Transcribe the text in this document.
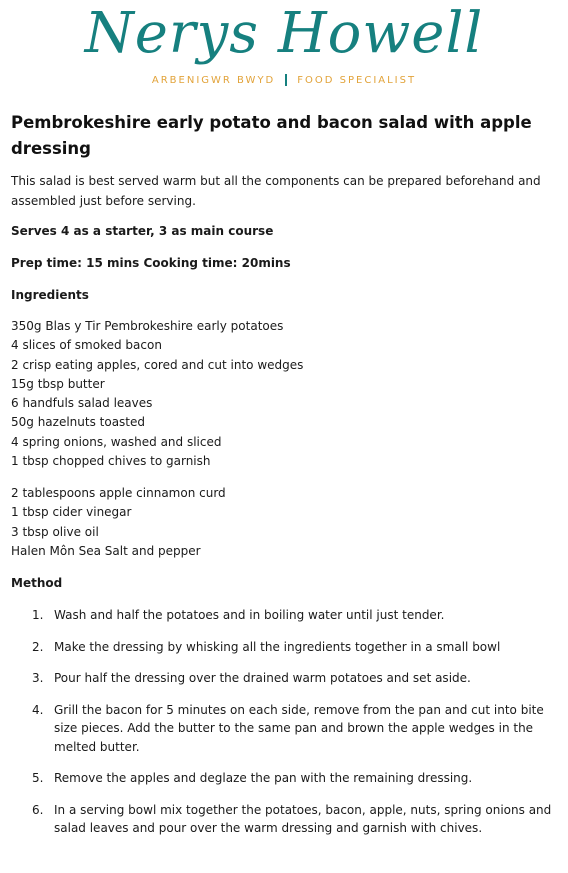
Nerys Howell
ARBENIGWR BWYD FOOD SPECIALIST
Pembrokeshire early potato and bacon salad with apple dressing

This salad is best served warm but all the components can be prepared beforehand and assembled just before serving.

Serves 4 as a starter, 3 as main course

Prep time: 15 mins Cooking time: 20mins

Ingredients

350g Blas y Tir Pembrokeshire early potatoes
4 slices of smoked bacon
2 crisp eating apples, cored and cut into wedges
15g tbsp butter
6 handfuls salad leaves
50g hazelnuts toasted
4 spring onions, washed and sliced
1 tbsp chopped chives to garnish
2 tablespoons apple cinnamon curd
1 tbsp cider vinegar
3 tbsp olive oil
Halen Môn Sea Salt and pepper

Method

1. Wash and half the potatoes and in boiling water until just tender.
2. Make the dressing by whisking all the ingredients together in a small bowl
3. Pour half the dressing over the drained warm potatoes and set aside.
4. Grill the bacon for 5 minutes on each side, remove from the pan and cut into bite size pieces. Add the butter to the same pan and brown the apple wedges in the melted butter.
5. Remove the apples and deglaze the pan with the remaining dressing.
6. In a serving bowl mix together the potatoes, bacon, apple, nuts, spring onions and salad leaves and pour over the warm dressing and garnish with chives.
